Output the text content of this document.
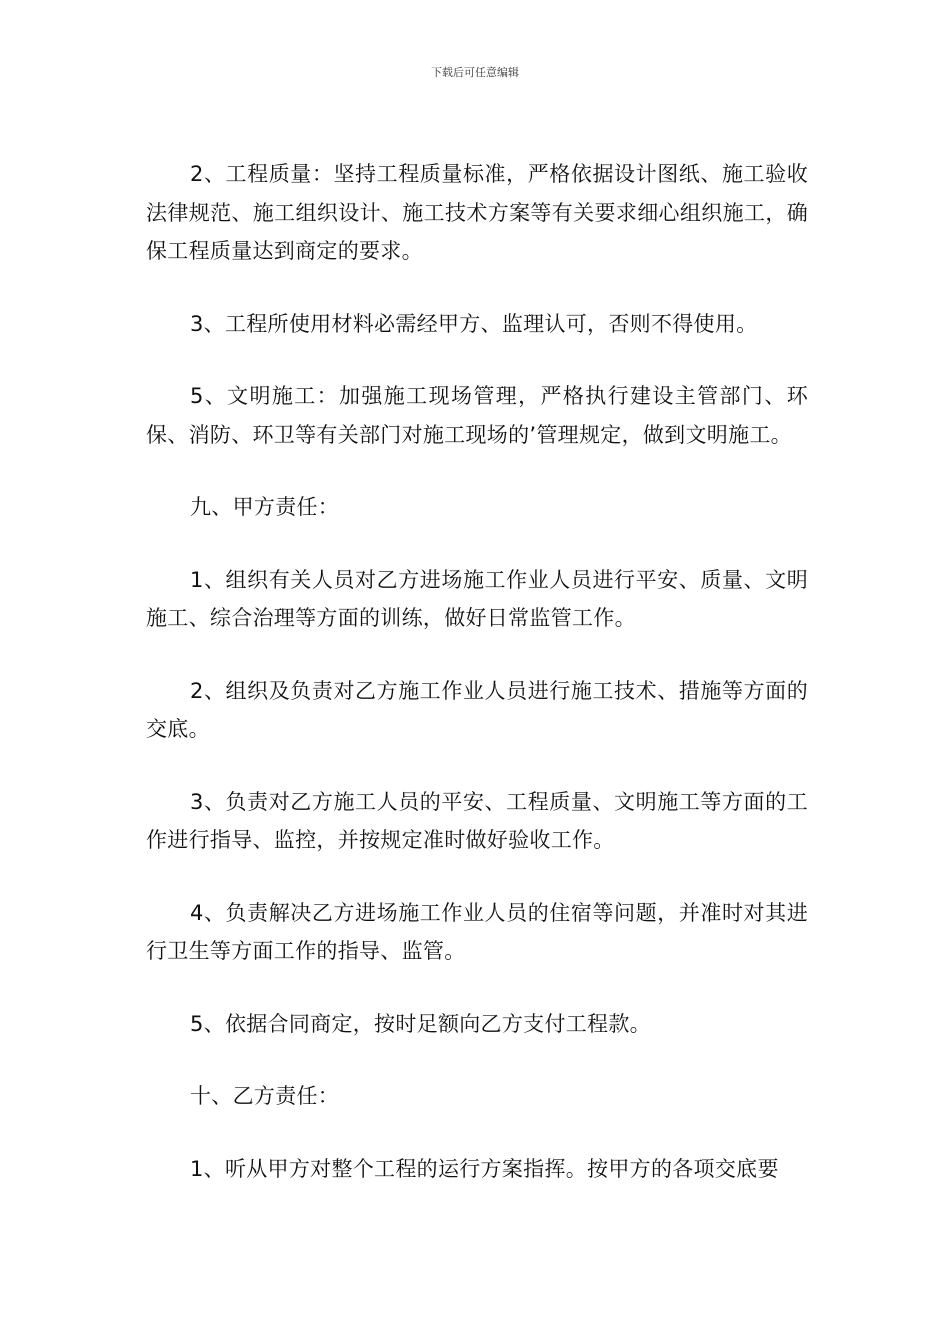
下载后可任意编辑

2、工程质量：坚持工程质量标准，严格依据设计图纸、施工验收法律规范、施工组织设计、施工技术方案等有关要求细心组织施工，确保工程质量达到商定的要求。

3、工程所使用材料必需经甲方、监理认可，否则不得使用。

5、文明施工：加强施工现场管理，严格执行建设主管部门、环保、消防、环卫等有关部门对施工现场的’管理规定，做到文明施工。

九、甲方责任：

1、组织有关人员对乙方进场施工作业人员进行平安、质量、文明施工、综合治理等方面的训练，做好日常监管工作。

2、组织及负责对乙方施工作业人员进行施工技术、措施等方面的交底。

3、负责对乙方施工人员的平安、工程质量、文明施工等方面的工作进行指导、监控，并按规定准时做好验收工作。

4、负责解决乙方进场施工作业人员的住宿等问题，并准时对其进行卫生等方面工作的指导、监管。

5、依据合同商定，按时足额向乙方支付工程款。

十、乙方责任：

1、听从甲方对整个工程的运行方案指挥。按甲方的各项交底要
